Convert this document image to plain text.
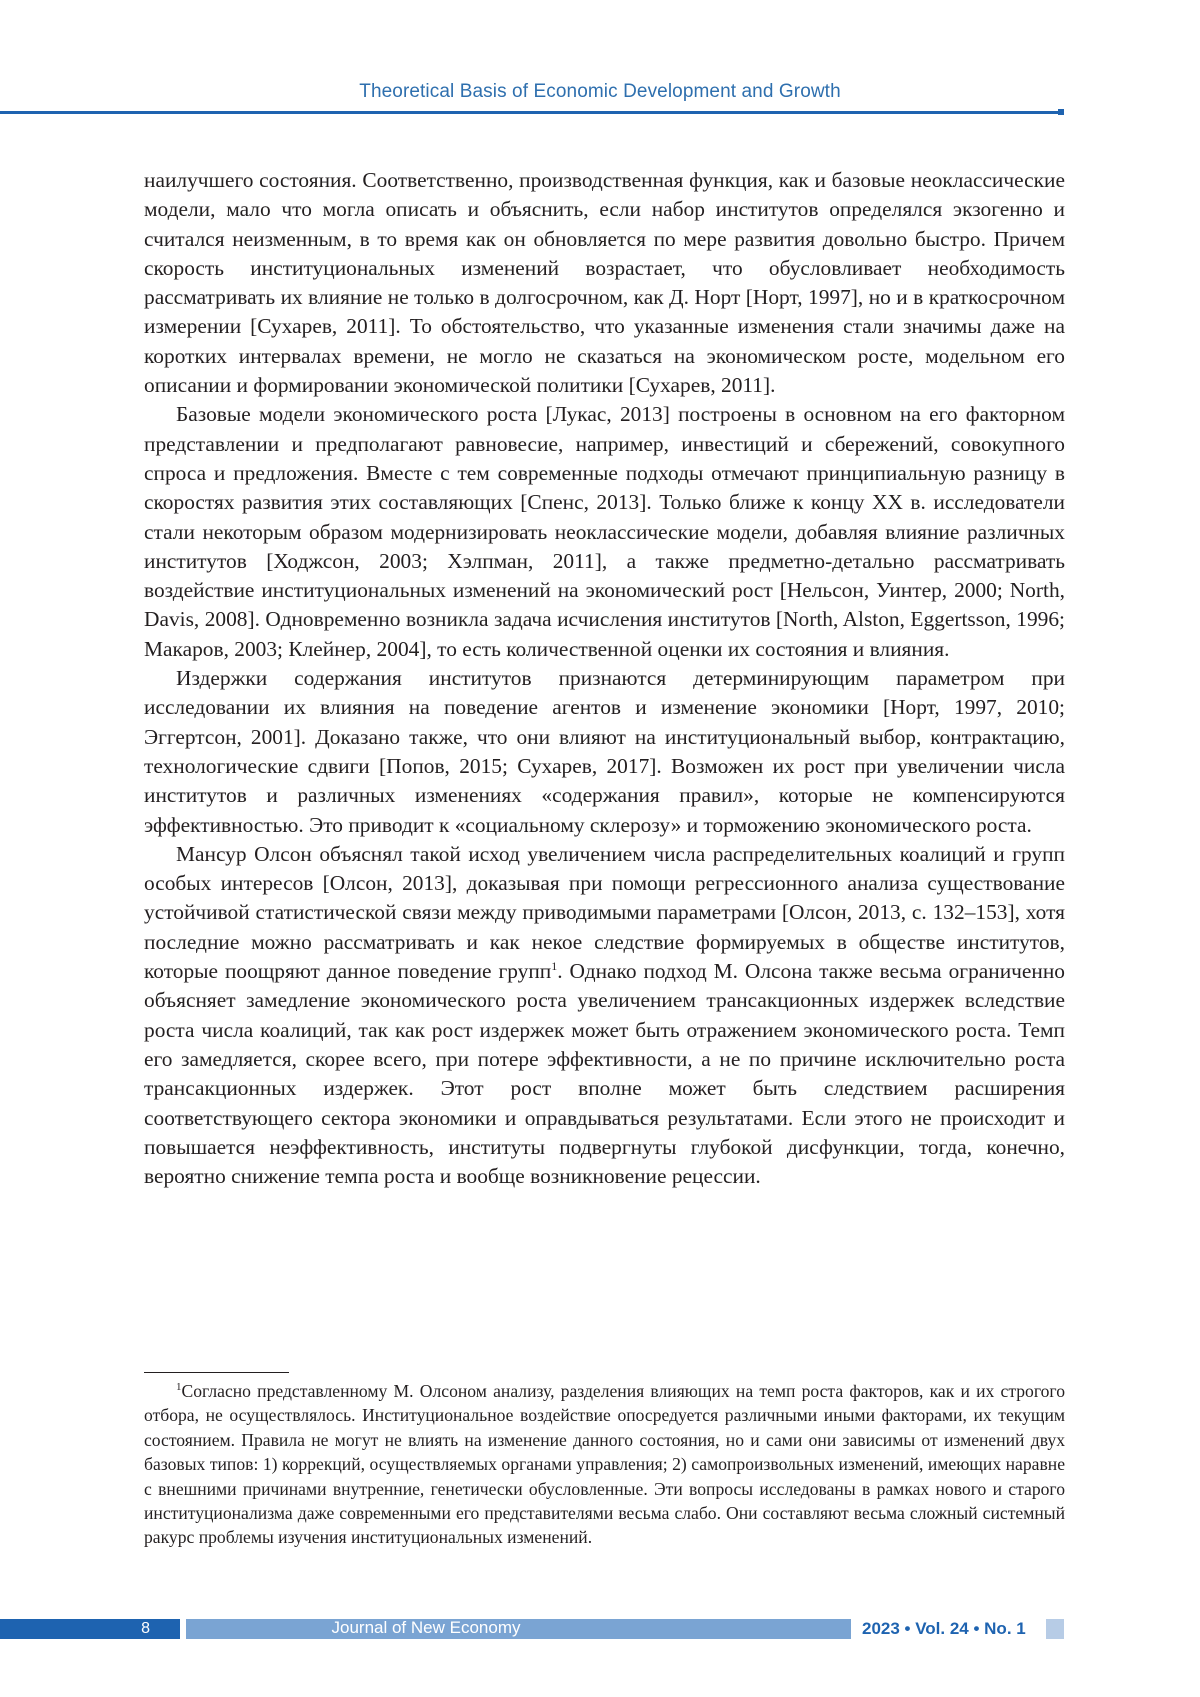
Theoretical Basis of Economic Development and Growth

наилучшего состояния. Соответственно, производственная функция, как и базовые нео­классические модели, мало что могла описать и объяснить, если набор институтов опре­делялся экзогенно и считался неизменным, в то время как он обновляется по мере разви­тия довольно быстро. Причем скорость институциональных изменений возрастает, что обусловливает необходимость рассматривать их влияние не только в долгосрочном, как Д. Норт [Норт, 1997], но и в краткосрочном измерении [Сухарев, 2011]. То обстоятельст­во, что указанные изменения стали значимы даже на коротких интервалах времени, не могло не сказаться на экономическом росте, модельном его описании и формировании экономической политики [Сухарев, 2011].

Базовые модели экономического роста [Лукас, 2013] построены в основном на его факторном представлении и предполагают равновесие, например, инвестиций и сбере­жений, совокупного спроса и предложения. Вместе с тем современные подходы отмеча­ют принципиальную разницу в скоростях развития этих составляющих [Спенс, 2013]. Только ближе к концу XX в. исследователи стали некоторым образом модернизировать неоклассические модели, добавляя влияние различных институтов [Ходжсон, 2003; Хэлпман, 2011], а также предметно-детально рассматривать воздействие институцио­нальных изменений на экономический рост [Нельсон, Уинтер, 2000; North, Davis, 2008]. Одновременно возникла задача исчисления институтов [North, Alston, Eggertsson, 1996; Макаров, 2003; Клейнер, 2004], то есть количественной оценки их состояния и влияния.

Издержки содержания институтов признаются детерминирующим параметром при исследовании их влияния на поведение агентов и изменение экономики [Норт, 1997, 2010; Эггертсон, 2001]. Доказано также, что они влияют на институциональный выбор, контрактацию, технологические сдвиги [Попов, 2015; Сухарев, 2017]. Возможен их рост при увеличении числа институтов и различных изменениях «содержания правил», ко­торые не компенсируются эффективностью. Это приводит к «социальному склерозу» и торможению экономического роста.

Мансур Олсон объяснял такой исход увеличением числа распределительных коали­ций и групп особых интересов [Олсон, 2013], доказывая при помощи регрессионного анализа существование устойчивой статистической связи между приводимыми пара­метрами [Олсон, 2013, с. 132–153], хотя последние можно рассматривать и как некое следствие формируемых в обществе институтов, которые поощряют данное поведение групп1. Однако подход М. Олсона также весьма ограниченно объясняет замедление эко­номического роста увеличением трансакционных издержек вследствие роста числа ко­алиций, так как рост издержек может быть отражением экономического роста. Темп его замедляется, скорее всего, при потере эффективности, а не по причине исключительно роста трансакционных издержек. Этот рост вполне может быть следствием расшире­ния соответствующего сектора экономики и оправдываться результатами. Если этого не происходит и повышается неэффективность, институты подвергнуты глубокой дис­функции, тогда, конечно, вероятно снижение темпа роста и вообще возникновение ре­цессии.

1Согласно представленному М. Олсоном анализу, разделения влияющих на темп роста факторов, как и их строгого отбора, не осуществлялось. Институциональное воздействие опосредуется различными иными факторами, их текущим состоянием. Правила не могут не влиять на изменение данного состоя­ния, но и сами они зависимы от изменений двух базовых типов: 1) коррекций, осуществляемых органами управления; 2) самопроизвольных изменений, имеющих наравне с внешними причинами внутренние, ге­нетически обусловленные. Эти вопросы исследованы в рамках нового и старого институционализма даже современными его представителями весьма слабо. Они составляют весьма сложный системный ракурс проблемы изучения институциональных изменений.
8	Journal of New Economy	2023 • Vol. 24 • No. 1
